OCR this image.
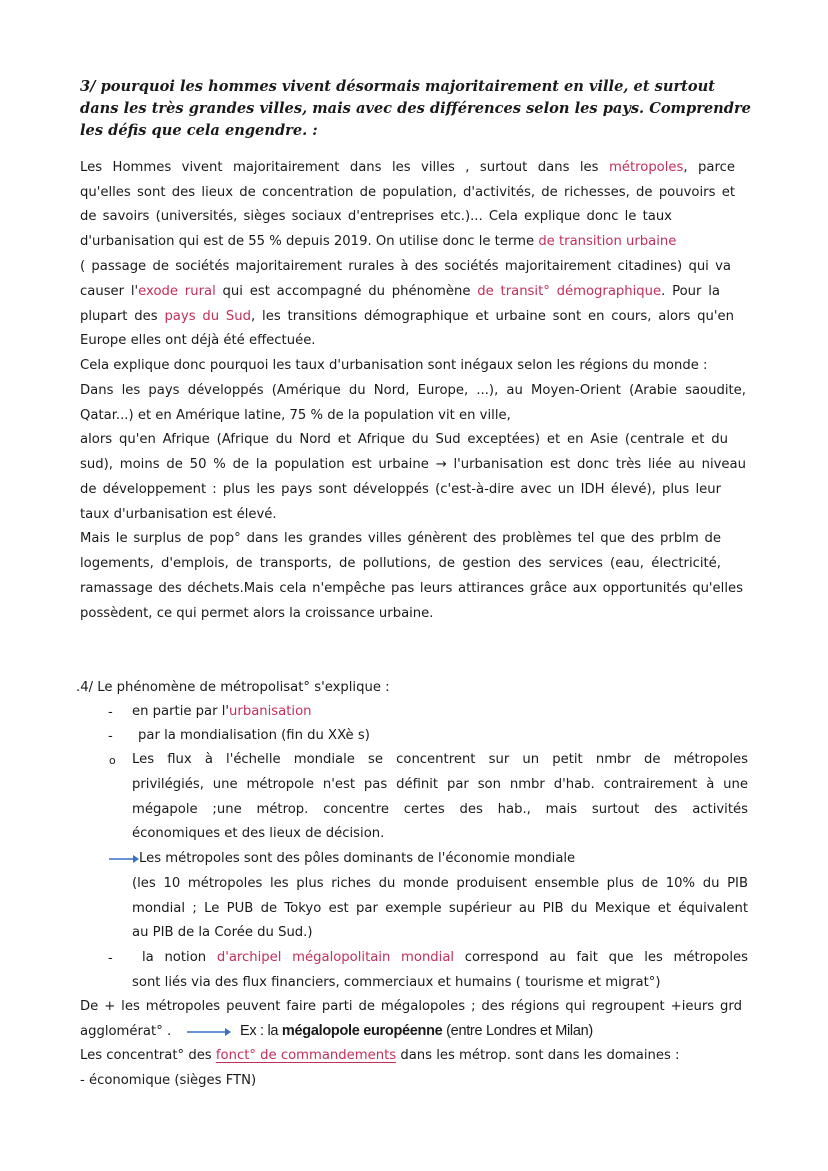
3/ pourquoi les hommes vivent désormais majoritairement en ville, et surtout dans les très grandes villes, mais avec des différences selon les pays. Comprendre les défis que cela engendre. :
Les Hommes vivent majoritairement dans les villes , surtout dans les métropoles, parce
qu'elles sont des lieux de concentration de population, d'activités, de richesses, de pouvoirs et
de savoirs (universités, sièges sociaux d'entreprises etc.)... Cela explique donc le taux
d'urbanisation qui est de 55 % depuis 2019. On utilise donc le terme de transition urbaine
( passage de sociétés majoritairement rurales à des sociétés majoritairement citadines) qui va
causer l'exode rural qui est accompagné du phénomène de transit° démographique. Pour la
plupart des pays du Sud, les transitions démographique et urbaine sont en cours, alors qu'en
Europe elles ont déjà été effectuée.
Cela explique donc pourquoi les taux d'urbanisation sont inégaux selon les régions du monde :
Dans les pays développés (Amérique du Nord, Europe, ...), au Moyen-Orient (Arabie saoudite,
Qatar...) et en Amérique latine, 75 % de la population vit en ville,
alors qu'en Afrique (Afrique du Nord et Afrique du Sud exceptées) et en Asie (centrale et du
sud), moins de 50 % de la population est urbaine → l'urbanisation est donc très liée au niveau
de développement : plus les pays sont développés (c'est-à-dire avec un IDH élevé), plus leur
taux d'urbanisation est élevé.
Mais le surplus de pop° dans les grandes villes génèrent des problèmes tel que des prblm de
logements, d'emplois, de transports, de pollutions, de gestion des services (eau, électricité,
ramassage des déchets.Mais cela n'empêche pas leurs attirances grâce aux opportunités qu'elles
possèdent, ce qui permet alors la croissance urbaine.
.4/ Le phénomène de métropolisat° s'explique :
- en partie par l'urbanisation
- par la mondialisation (fin du XXè s)
o Les flux à l'échelle mondiale se concentrent sur un petit nmbr de métropoles
privilégiés, une métropole n'est pas définit par son nmbr d'hab. contrairement à une
mégapole ;une métrop. concentre certes des hab., mais surtout des activités
économiques et des lieux de décision.
Les métropoles sont des pôles dominants de l'économie mondiale
(les 10 métropoles les plus riches du monde produisent ensemble plus de 10% du PIB
mondial ; Le PUB de Tokyo est par exemple supérieur au PIB du Mexique et équivalent
au PIB de la Corée du Sud.)
- la notion d'archipel mégalopolitain mondial correspond au fait que les métropoles
sont liés via des flux financiers, commerciaux et humains ( tourisme et migrat°)
De + les métropoles peuvent faire parti de mégalopoles ; des régions qui regroupent +ieurs grd
agglomérat° .	Ex : la mégalopole européenne (entre Londres et Milan)
Les concentrat° des fonct° de commandements dans les métrop. sont dans les domaines :
- économique (sièges FTN)
